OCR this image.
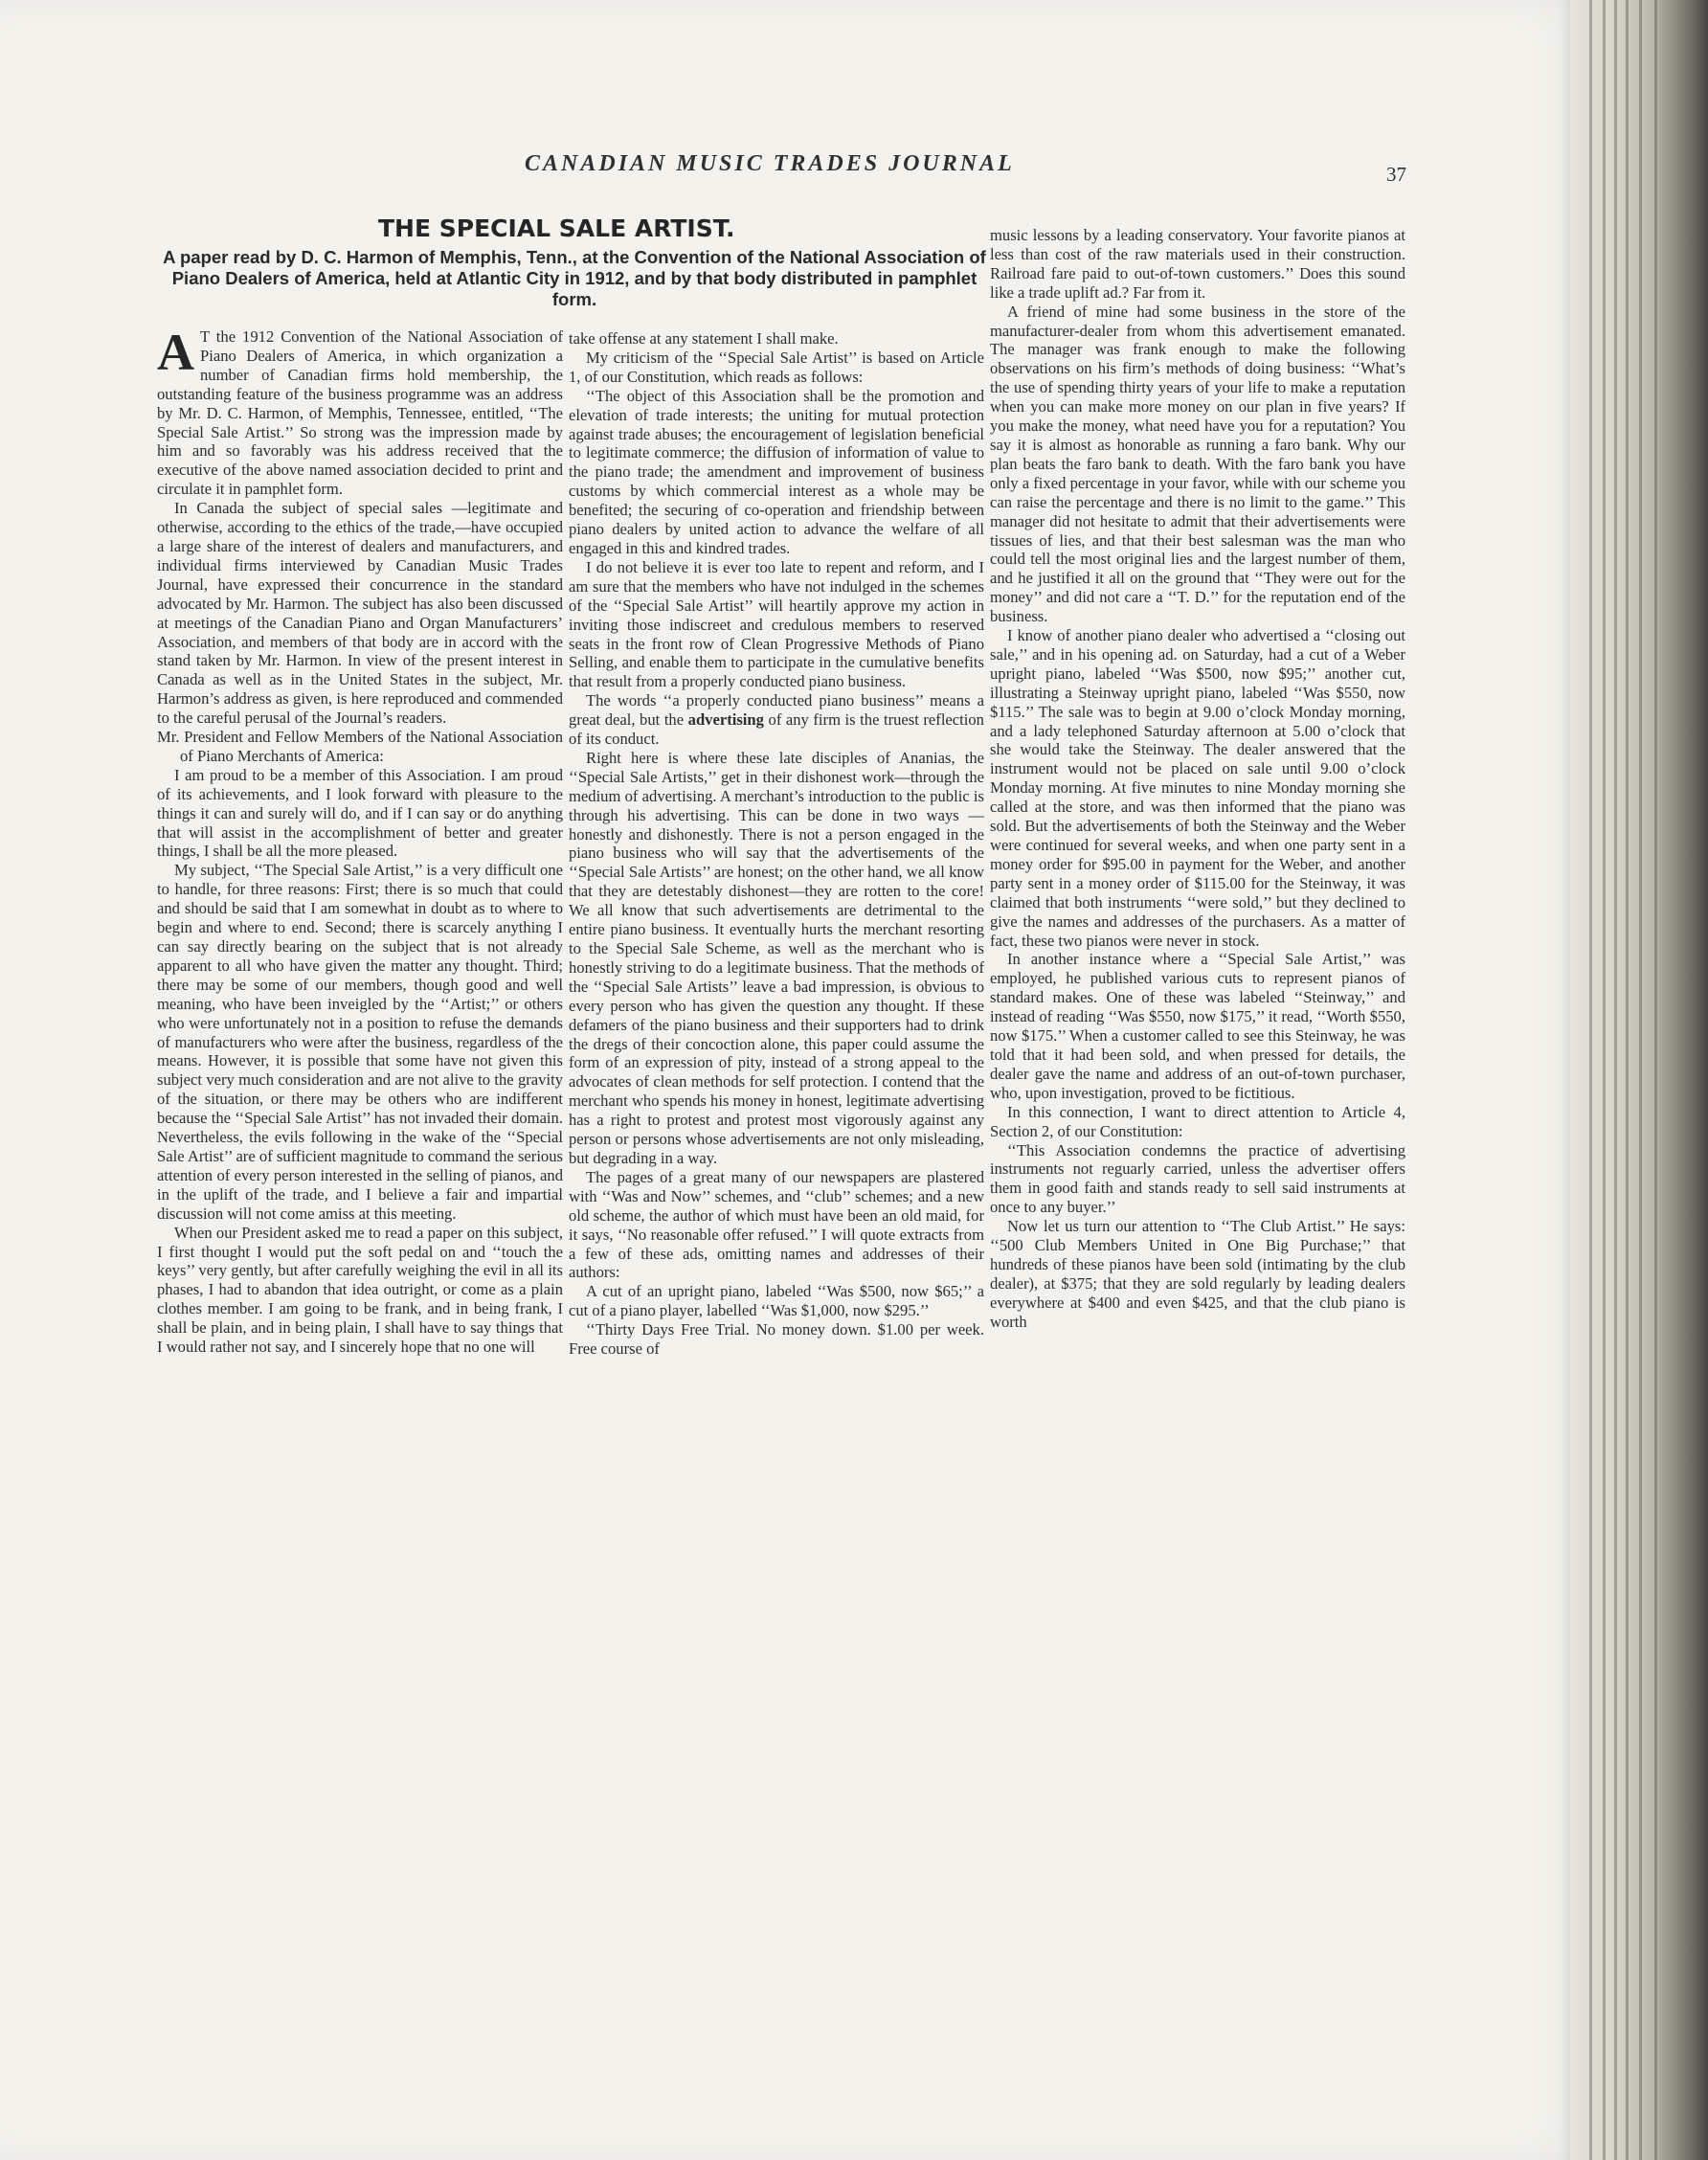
CANADIAN MUSIC TRADES JOURNAL	37
THE SPECIAL SALE ARTIST.
A paper read by D. C. Harmon of Memphis, Tenn., at the Convention of the National Association of Piano Dealers of America, held at Atlantic City in 1912, and by that body distributed in pamphlet form.

A T the 1912 Convention of the National Association of Piano Dealers of America, in which organization a number of Canadian firms hold membership, the outstanding feature of the business programme was an address by Mr. D. C. Harmon, of Memphis, Tennessee, entitled, ‘‘The Special Sale Artist.’’ So strong was the impression made by him and so favorably was his address received that the executive of the above named association decided to print and circulate it in pamphlet form.

In Canada the subject of special sales —legitimate and otherwise, according to the ethics of the trade,—have occupied a large share of the interest of dealers and manufacturers, and individual firms interviewed by Canadian Music Trades Journal, have expressed their concurrence in the standard advocated by Mr. Harmon. The subject has also been discussed at meetings of the Canadian Piano and Organ Manufacturers’ Association, and members of that body are in accord with the stand taken by Mr. Harmon. In view of the present interest in Canada as well as in the United States in the subject, Mr. Harmon’s address as given, is here reproduced and commended to the careful perusal of the Journal’s readers.

Mr. President and Fellow Members of the National Association of Piano Merchants of America:

I am proud to be a member of this Association. I am proud of its achievements, and I look forward with pleasure to the things it can and surely will do, and if I can say or do anything that will assist in the accomplishment of better and greater things, I shall be all the more pleased.

My subject, ‘‘The Special Sale Artist,’’ is a very difficult one to handle, for three reasons: First; there is so much that could and should be said that I am somewhat in doubt as to where to begin and where to end. Second; there is scarcely anything I can say directly bearing on the subject that is not already apparent to all who have given the matter any thought. Third; there may be some of our members, though good and well meaning, who have been inveigled by the ‘‘Artist;’’ or others who were unfortunately not in a position to refuse the demands of manufacturers who were after the business, regardless of the means. However, it is possible that some have not given this subject very much consideration and are not alive to the gravity of the situation, or there may be others who are indifferent because the ‘‘Special Sale Artist’’ has not invaded their domain. Nevertheless, the evils following in the wake of the ‘‘Special Sale Artist’’ are of sufficient magnitude to command the serious attention of every person interested in the selling of pianos, and in the uplift of the trade, and I believe a fair and impartial discussion will not come amiss at this meeting.

When our President asked me to read a paper on this subject, I first thought I would put the soft pedal on and ‘‘touch the keys’’ very gently, but after carefully weighing the evil in all its phases, I had to abandon that idea outright, or come as a plain clothes member. I am going to be frank, and in being frank, I shall be plain, and in being plain, I shall have to say things that I would rather not say, and I sincerely hope that no one will

take offense at any statement I shall make.

My criticism of the ‘‘Special Sale Artist’’ is based on Article 1, of our Constitution, which reads as follows:

‘‘The object of this Association shall be the promotion and elevation of trade interests; the uniting for mutual protection against trade abuses; the encouragement of legislation beneficial to legitimate commerce; the diffusion of information of value to the piano trade; the amendment and improvement of business customs by which commercial interest as a whole may be benefited; the securing of co-operation and friendship between piano dealers by united action to advance the welfare of all engaged in this and kindred trades.

I do not believe it is ever too late to repent and reform, and I am sure that the members who have not indulged in the schemes of the ‘‘Special Sale Artist’’ will heartily approve my action in inviting those indiscreet and credulous members to reserved seats in the front row of Clean Progressive Methods of Piano Selling, and enable them to participate in the cumulative benefits that result from a properly conducted piano business.

The words ‘‘a properly conducted piano business’’ means a great deal, but the advertising of any firm is the truest reflection of its conduct.

Right here is where these late disciples of Ananias, the ‘‘Special Sale Artists,’’ get in their dishonest work—through the medium of advertising. A merchant’s introduction to the public is through his advertising. This can be done in two ways —honestly and dishonestly. There is not a person engaged in the piano business who will say that the advertisements of the ‘‘Special Sale Artists’’ are honest; on the other hand, we all know that they are detestably dishonest—they are rotten to the core! We all know that such advertisements are detrimental to the entire piano business. It eventually hurts the merchant resorting to the Special Sale Scheme, as well as the merchant who is honestly striving to do a legitimate business. That the methods of the ‘‘Special Sale Artists’’ leave a bad impression, is obvious to every person who has given the question any thought. If these defamers of the piano business and their supporters had to drink the dregs of their concoction alone, this paper could assume the form of an expression of pity, instead of a strong appeal to the advocates of clean methods for self protection. I contend that the merchant who spends his money in honest, legitimate advertising has a right to protest and protest most vigorously against any person or persons whose advertisements are not only misleading, but degrading in a way.

The pages of a great many of our newspapers are plastered with ‘‘Was and Now’’ schemes, and ‘‘club’’ schemes; and a new old scheme, the author of which must have been an old maid, for it says, ‘‘No reasonable offer refused.’’ I will quote extracts from a few of these ads, omitting names and addresses of their authors:

A cut of an upright piano, labeled ‘‘Was $500, now $65;’’ a cut of a piano player, labelled ‘‘Was $1,000, now $295.’’

‘‘Thirty Days Free Trial. No money down. $1.00 per week. Free course of

music lessons by a leading conservatory. Your favorite pianos at less than cost of the raw materials used in their construction. Railroad fare paid to out-of-town customers.’’ Does this sound like a trade uplift ad.? Far from it.

A friend of mine had some business in the store of the manufacturer-dealer from whom this advertisement emanated. The manager was frank enough to make the following observations on his firm’s methods of doing business: ‘‘What’s the use of spending thirty years of your life to make a reputation when you can make more money on our plan in five years? If you make the money, what need have you for a reputation? You say it is almost as honorable as running a faro bank. Why our plan beats the faro bank to death. With the faro bank you have only a fixed percentage in your favor, while with our scheme you can raise the percentage and there is no limit to the game.’’ This manager did not hesitate to admit that their advertisements were tissues of lies, and that their best salesman was the man who could tell the most original lies and the largest number of them, and he justified it all on the ground that ‘‘They were out for the money’’ and did not care a ‘‘T. D.’’ for the reputation end of the business.

I know of another piano dealer who advertised a ‘‘closing out sale,’’ and in his opening ad. on Saturday, had a cut of a Weber upright piano, labeled ‘‘Was $500, now $95;’’ another cut, illustrating a Steinway upright piano, labeled ‘‘Was $550, now $115.’’ The sale was to begin at 9.00 o’clock Monday morning, and a lady telephoned Saturday afternoon at 5.00 o’clock that she would take the Steinway. The dealer answered that the instrument would not be placed on sale until 9.00 o’clock Monday morning. At five minutes to nine Monday morning she called at the store, and was then informed that the piano was sold. But the advertisements of both the Steinway and the Weber were continued for several weeks, and when one party sent in a money order for $95.00 in payment for the Weber, and another party sent in a money order of $115.00 for the Steinway, it was claimed that both instruments ‘‘were sold,’’ but they declined to give the names and addresses of the purchasers. As a matter of fact, these two pianos were never in stock.

In another instance where a ‘‘Special Sale Artist,’’ was employed, he published various cuts to represent pianos of standard makes. One of these was labeled ‘‘Steinway,’’ and instead of reading ‘‘Was $550, now $175,’’ it read, ‘‘Worth $550, now $175.’’ When a customer called to see this Steinway, he was told that it had been sold, and when pressed for details, the dealer gave the name and address of an out-of-town purchaser, who, upon investigation, proved to be fictitious.

In this connection, I want to direct attention to Article 4, Section 2, of our Constitution:

‘‘This Association condemns the practice of advertising instruments not reguarly carried, unless the advertiser offers them in good faith and stands ready to sell said instruments at once to any buyer.’’

Now let us turn our attention to ‘‘The Club Artist.’’ He says: ‘‘500 Club Members United in One Big Purchase;’’ that hundreds of these pianos have been sold (intimating by the club dealer), at $375; that they are sold regularly by leading dealers everywhere at $400 and even $425, and that the club piano is worth
